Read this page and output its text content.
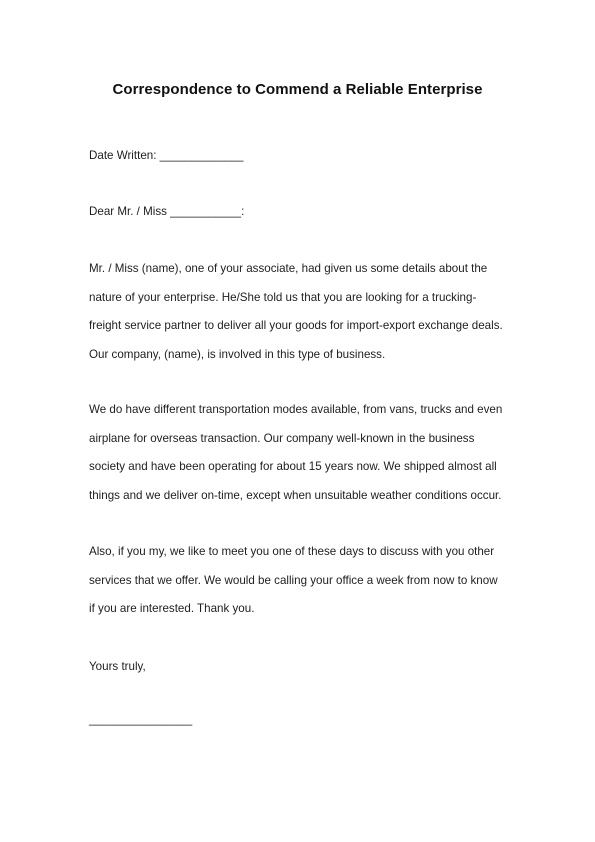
Correspondence to Commend a Reliable Enterprise
Date Written: _____________
Dear Mr. / Miss ___________:
Mr. / Miss (name), one of your associate, had given us some details about the
nature of your enterprise. He/She told us that you are looking for a trucking-
freight service partner to deliver all your goods for import-export exchange deals.
Our company, (name), is involved in this type of business.
We do have different transportation modes available, from vans, trucks and even
airplane for overseas transaction. Our company well-known in the business
society and have been operating for about 15 years now. We shipped almost all
things and we deliver on-time, except when unsuitable weather conditions occur.
Also, if you my, we like to meet you one of these days to discuss with you other
services that we offer. We would be calling your office a week from now to know
if you are interested. Thank you.
Yours truly,
________________
